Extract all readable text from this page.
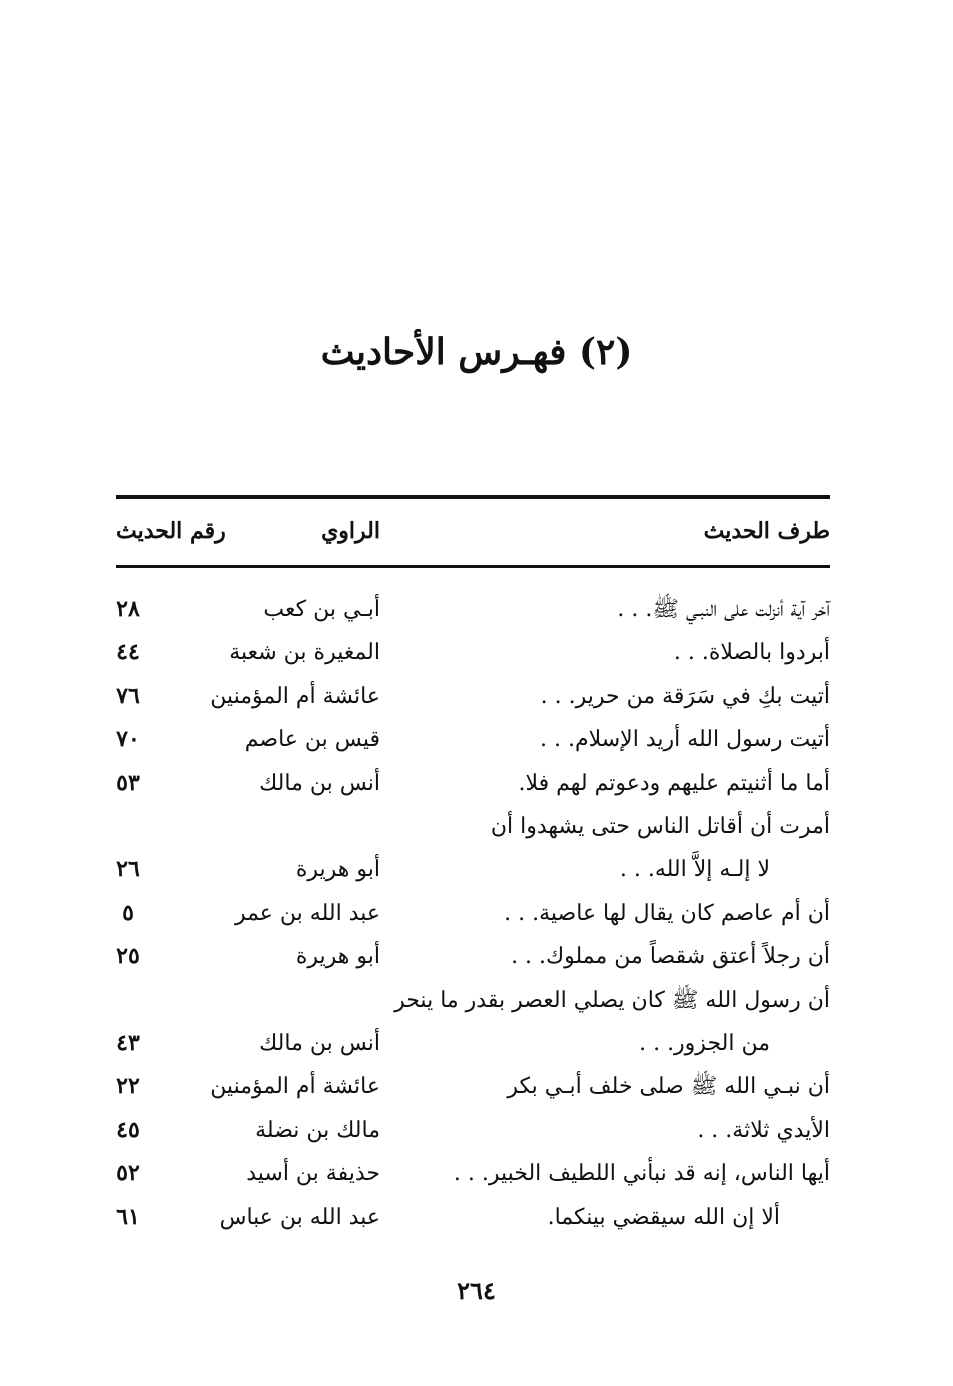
(٢) فهـرس الأحاديث
طرف الحديث
الراوي
رقم الحديث
آخر آية أنزلت على النبـي ﷺ. . .
أبـي بن كعب
٢٨
أبردوا بالصلاة. . .
المغيرة بن شعبة
٤٤
أتيت بكِ في سَرَقة من حرير. . .
عائشة أم المؤمنين
٧٦
أتيت رسول الله أريد الإسلام. . .
قيس بن عاصم
٧٠
أما ما أثنيتم عليهم ودعوتم لهم فلا.
أنس بن مالك
٥٣
أمرت أن أقاتل الناس حتى يشهدوا أن
لا إلـه إلاَّ الله. . .
أبو هريرة
٢٦
أن أم عاصم كان يقال لها عاصية. . .
عبد الله بن عمر
٥
أن رجلاً أعتق شقصاً من مملوك. . .
أبو هريرة
٢٥
أن رسول الله ﷺ كان يصلي العصر بقدر ما ينحر
من الجزور. . .
أنس بن مالك
٤٣
أن نبـي الله ﷺ صلى خلف أبـي بكر
عائشة أم المؤمنين
٢٢
الأيدي ثلاثة. . .
مالك بن نضلة
٤٥
أيها الناس، إنه قد نبأني اللطيف الخبير. . .
حذيفة بن أسيد
٥٢
ألا إن الله سيقضي بينكما.
عبد الله بن عباس
٦١
٢٦٤
